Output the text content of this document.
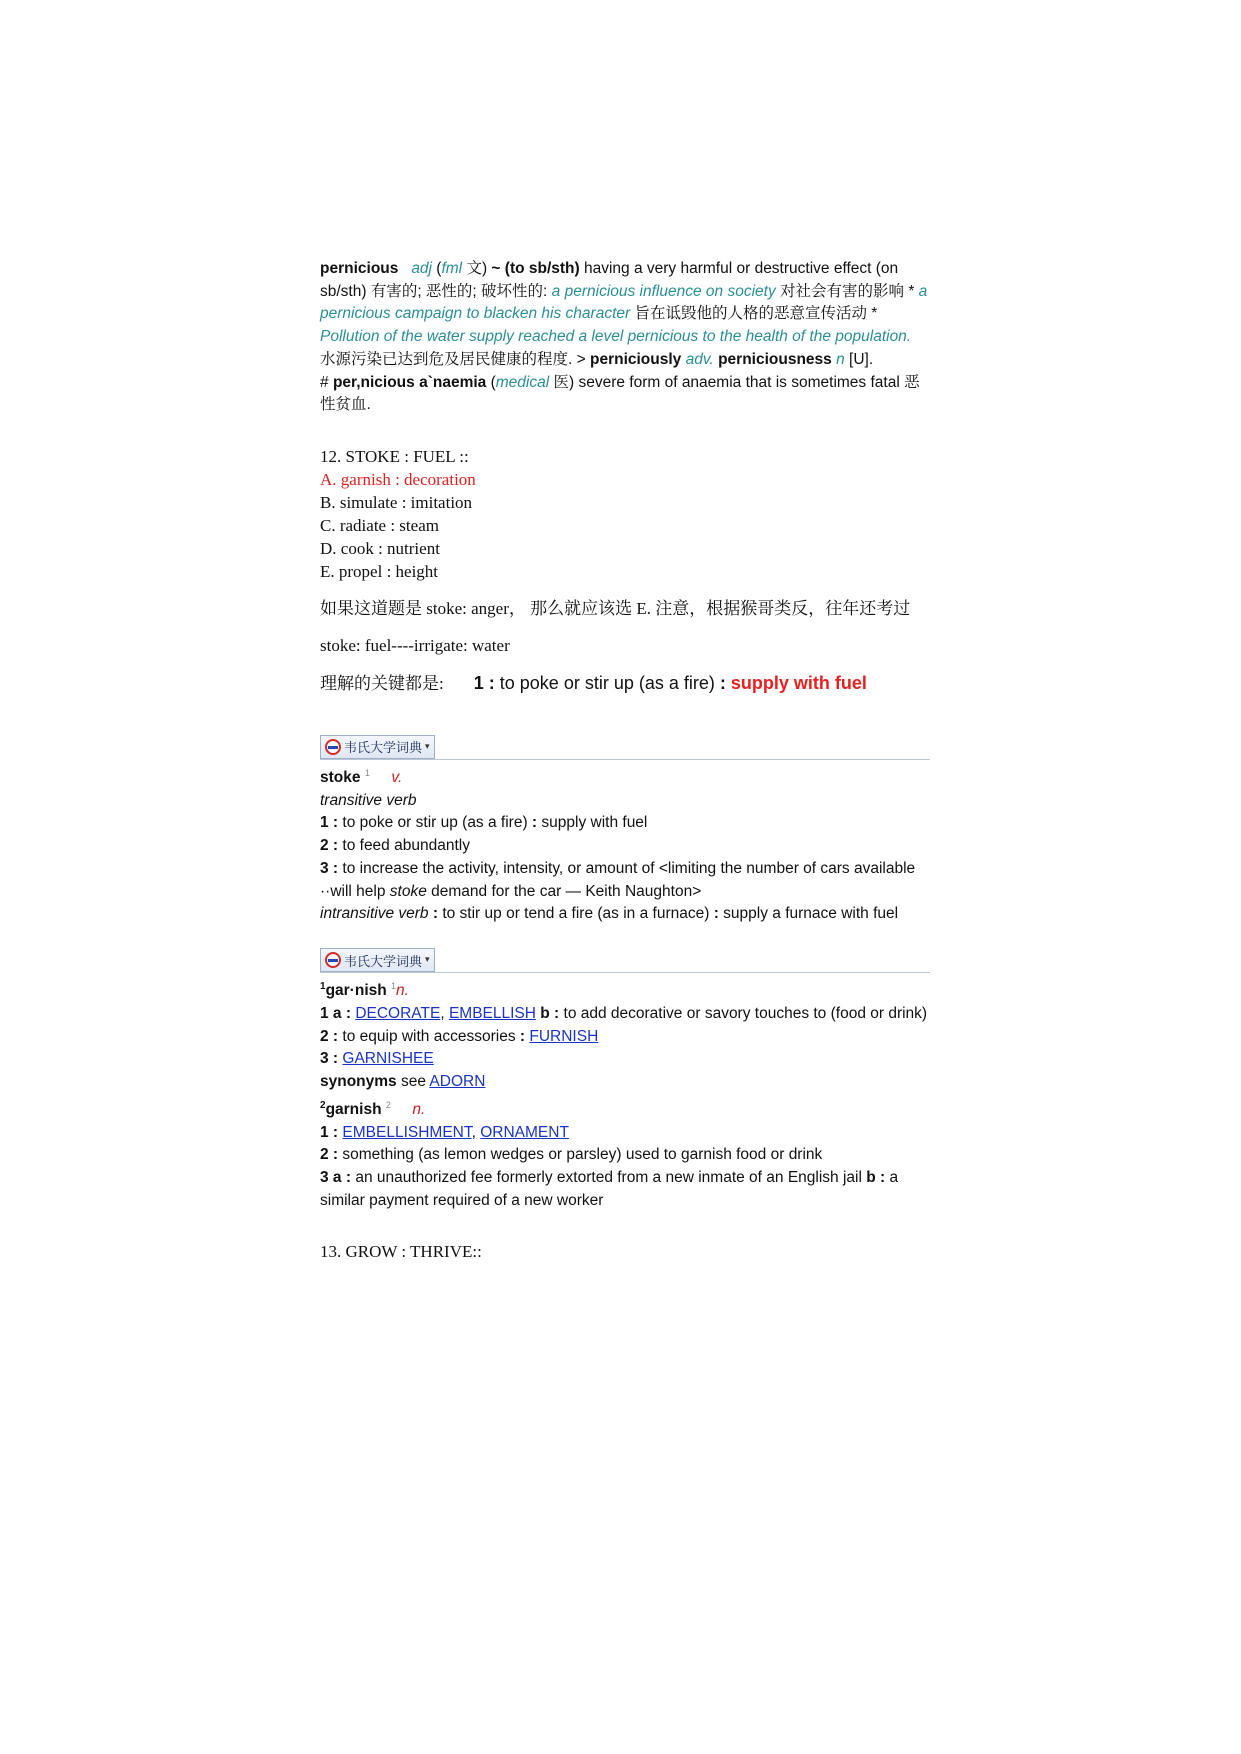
pernicious adj (fml 文) ~ (to sb/sth) having a very harmful or destructive effect (on sb/sth) 有害的; 恶性的; 破坏性的: a pernicious influence on society 对社会有害的影响 * a pernicious campaign to blacken his character 旨在诋毁他的人格的恶意宣传活动 * Pollution of the water supply reached a level pernicious to the health of the population. 水源污染已达到危及居民健康的程度. > perniciously adv. perniciousness n [U].
# per,nicious a`naemia (medical 医) severe form of anaemia that is sometimes fatal 恶性贫血.
12. STOKE : FUEL ::
A. garnish : decoration
B. simulate : imitation
C. radiate : steam
D. cook : nutrient
E. propel : height
如果这道题是 stoke: anger， 那么就应该选 E. 注意，根据猴哥类反，往年还考过
stoke: fuel----irrigate: water
理解的关键都是: 1 : to poke or stir up (as a fire) : supply with fuel
韦氏大学词典 ▾
stoke $^1$ v.
transitive verb
1 : to poke or stir up (as a fire) : supply with fuel
2 : to feed abundantly
3 : to increase the activity, intensity, or amount of <limiting the number of cars available ··will help stoke demand for the car — Keith Naughton>
intransitive verb : to stir up or tend a fire (as in a furnace) : supply a furnace with fuel
韦氏大学词典 ▾
$^1$gar·nish $^1$n.
1 a : DECORATE, EMBELLISH b : to add decorative or savory touches to (food or drink)
2 : to equip with accessories : FURNISH
3 : GARNISHEE
synonyms see ADORN
$^2$garnish $^2$ n.
1 : EMBELLISHMENT, ORNAMENT
2 : something (as lemon wedges or parsley) used to garnish food or drink
3 a : an unauthorized fee formerly extorted from a new inmate of an English jail b : a similar payment required of a new worker
13. GROW : THRIVE::
